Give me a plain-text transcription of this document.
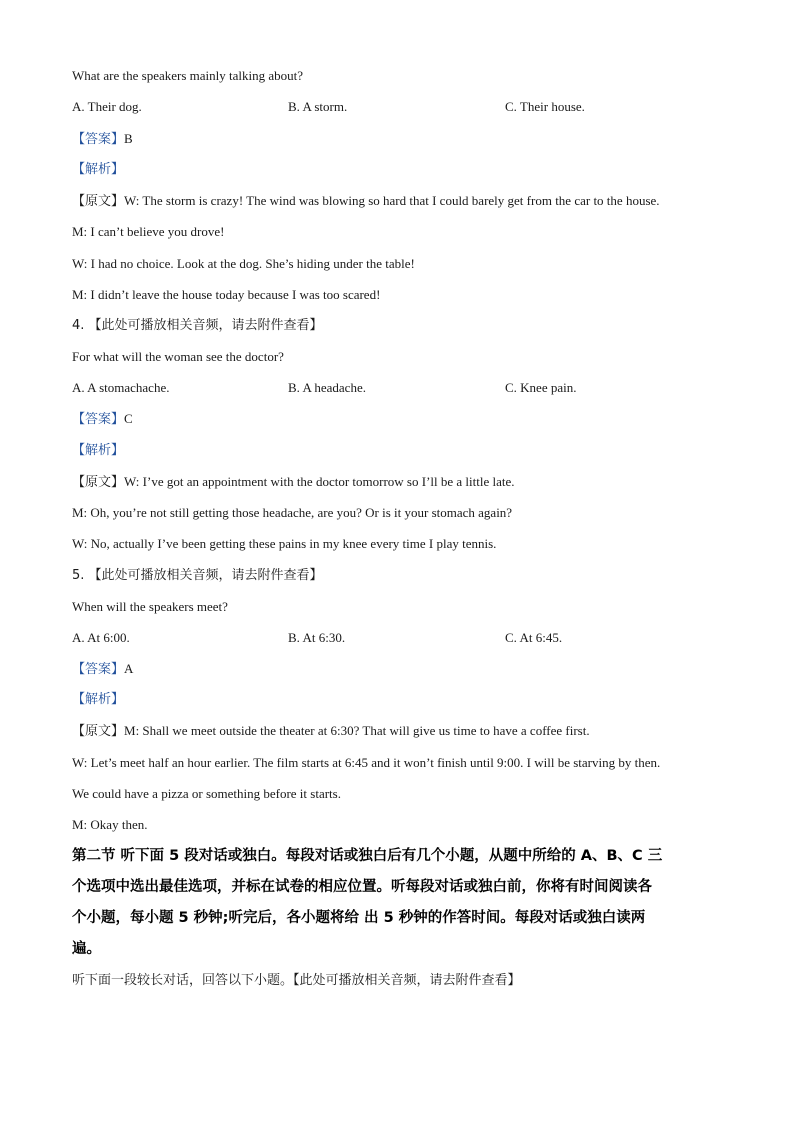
What are the speakers mainly talking about?
A. Their dog.	B. A storm.	C. Their house.
【答案】B
【解析】
【原文】W: The storm is crazy! The wind was blowing so hard that I could barely get from the car to the house.
M: I can’t believe you drove!
W: I had no choice. Look at the dog. She’s hiding under the table!
M: I didn’t leave the house today because I was too scared!
4. 【此处可播放相关音频，请去附件查看】
For what will the woman see the doctor?
A. A stomachache.	B. A headache.	C. Knee pain.
【答案】C
【解析】
【原文】W: I’ve got an appointment with the doctor tomorrow so I’ll be a little late.
M: Oh, you’re not still getting those headache, are you? Or is it your stomach again?
W: No, actually I’ve been getting these pains in my knee every time I play tennis.
5. 【此处可播放相关音频，请去附件查看】
When will the speakers meet?
A. At 6:00.	B. At 6:30.	C. At 6:45.
【答案】A
【解析】
【原文】M: Shall we meet outside the theater at 6:30? That will give us time to have a coffee first.
W: Let’s meet half an hour earlier. The film starts at 6:45 and it won’t finish until 9:00. I will be starving by then.
We could have a pizza or something before it starts.
M: Okay then.
第二节 听下面 5 段对话或独白。每段对话或独白后有几个小题，从题中所给的 A、B、C 三
个选项中选出最佳选项，并标在试卷的相应位置。听每段对话或独白前，你将有时间阅读各
个小题，每小题 5 秒钟;听完后，各小题将给 出 5 秒钟的作答时间。每段对话或独白读两
遍。
听下面一段较长对话，回答以下小题。【此处可播放相关音频，请去附件查看】
